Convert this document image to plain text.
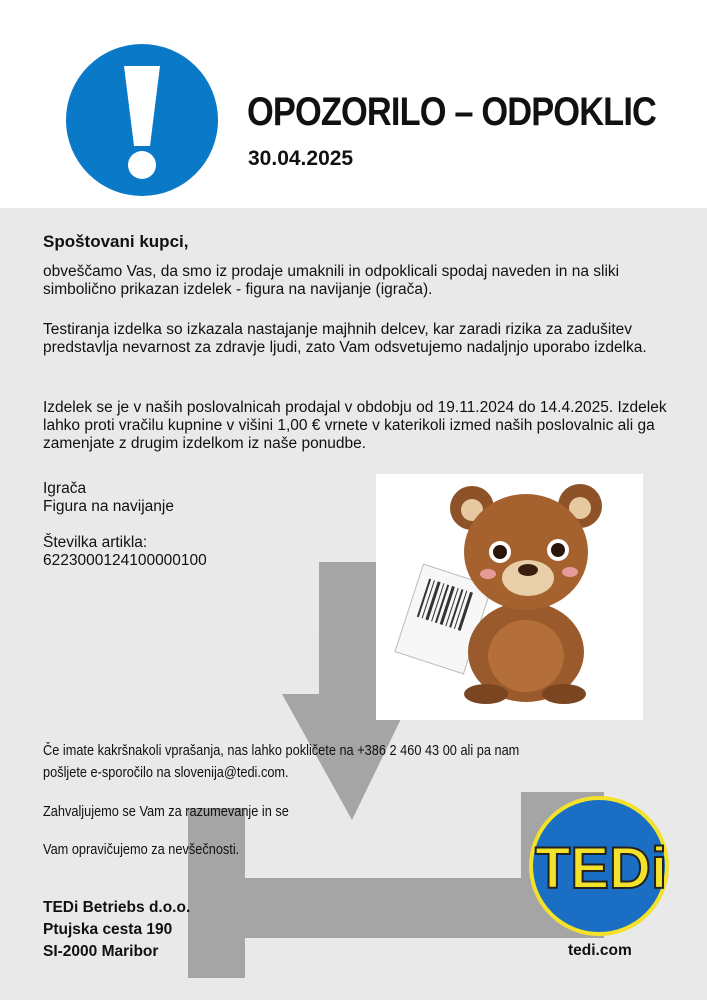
OPOZORILO – ODPOKLIC
30.04.2025
Spoštovani kupci,
obveščamo Vas, da smo iz prodaje umaknili in odpoklicali spodaj naveden in na sliki simbolično prikazan izdelek - figura na navijanje (igrača).
Testiranja izdelka so izkazala nastajanje majhnih delcev, kar zaradi rizika za zadušitev predstavlja nevarnost za zdravje ljudi, zato Vam odsvetujemo nadaljnjo uporabo izdelka.
Izdelek se je v naših poslovalnicah prodajal v obdobju od 19.11.2024 do 14.4.2025. Izdelek lahko proti vračilu kupnine v višini 1,00 € vrnete v katerikoli izmed naših poslovalnic ali ga zamenjate z drugim izdelkom iz naše ponudbe.
Igrača
Figura na navijanje
Številka artikla:
6223000124100000100
Če imate kakršnakoli vprašanja, nas lahko pokličete na +386 2 460 43 00 ali pa nam
pošljete e-sporočilo na slovenija@tedi.com.
Zahvaljujemo se Vam za razumevanje in se
Vam opravičujemo za nevšečnosti.
TEDi Betriebs d.o.o.
Ptujska cesta 190
SI-2000 Maribor
TEDi
tedi.com
